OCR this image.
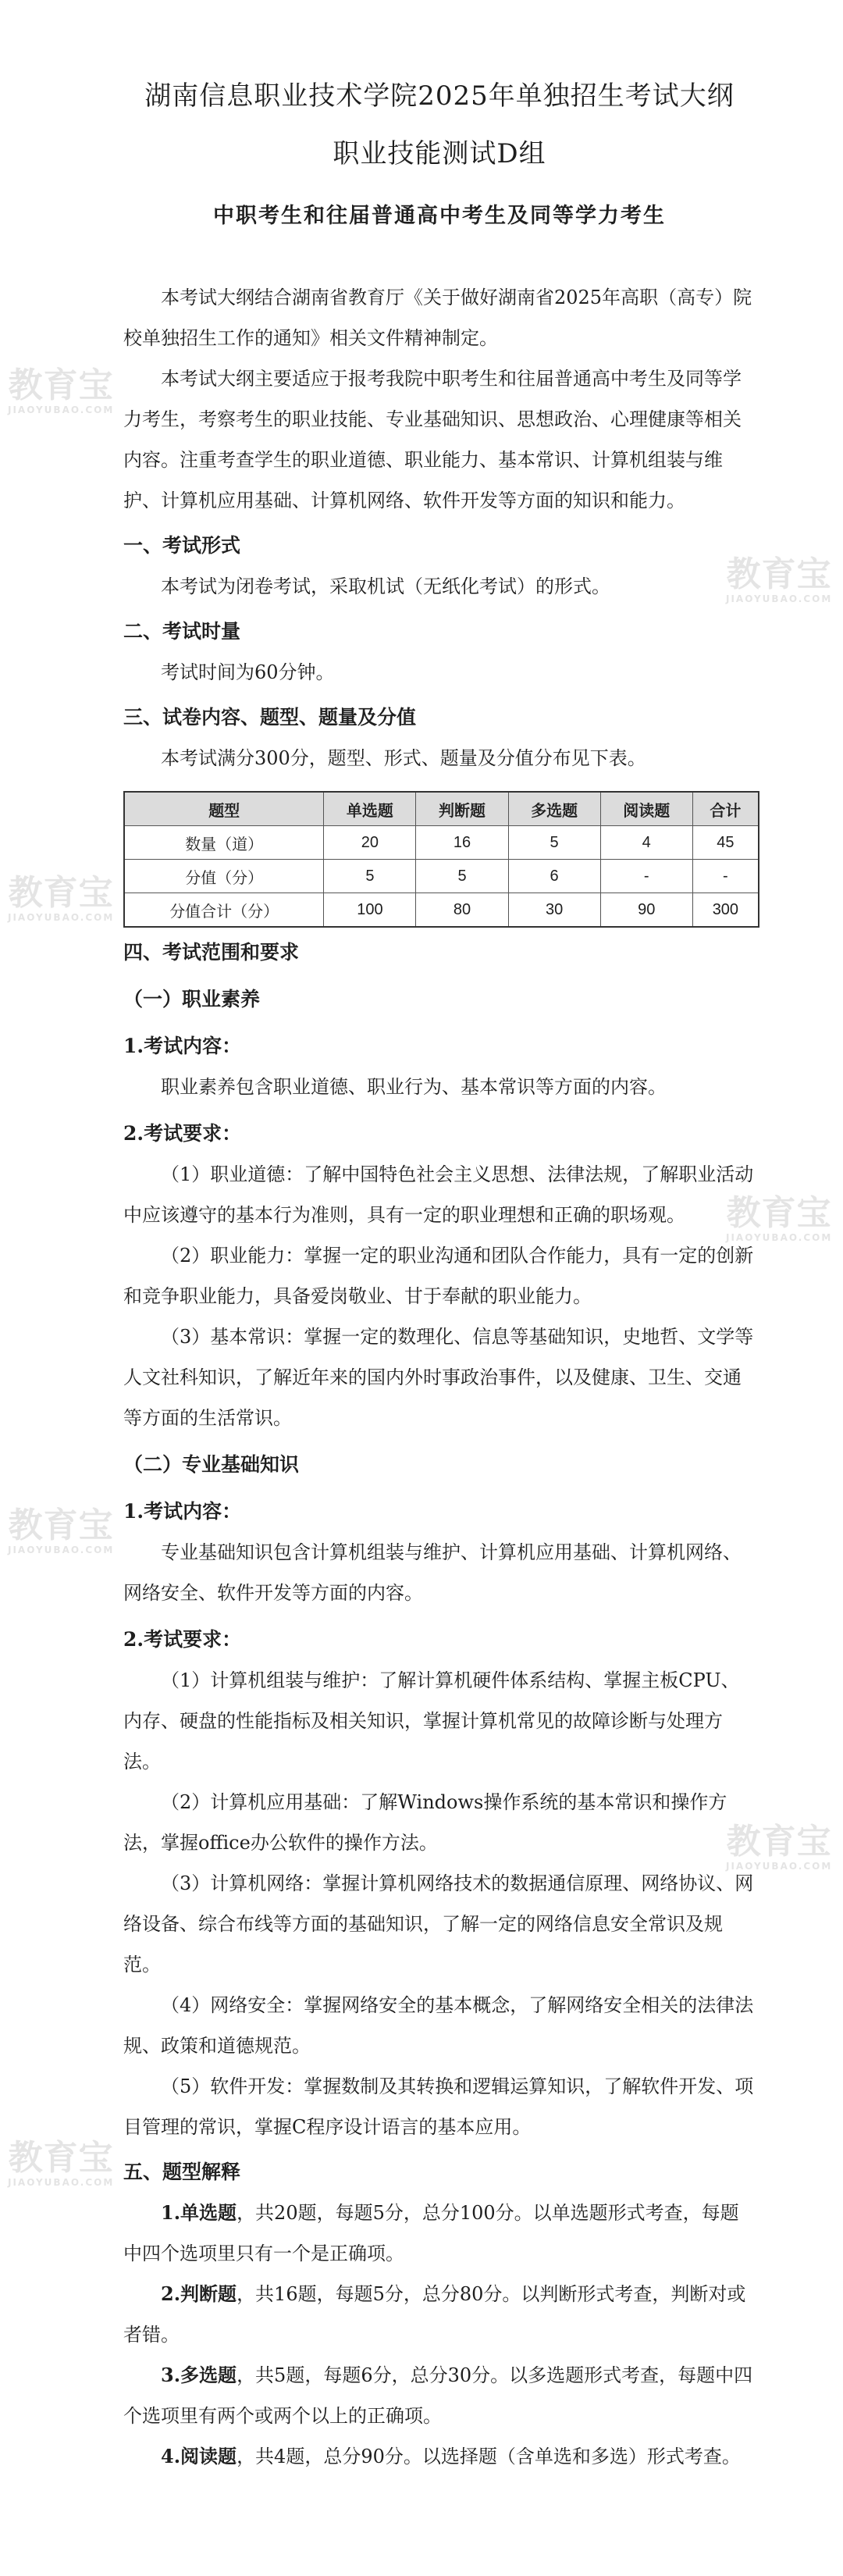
湖南信息职业技术学院2025年单独招生考试大纲
职业技能测试D组
中职考生和往届普通高中考生及同等学力考生

本考试大纲结合湖南省教育厅《关于做好湖南省2025年高职（高专）院校单独招生工作的通知》相关文件精神制定。

本考试大纲主要适应于报考我院中职考生和往届普通高中考生及同等学力考生，考察考生的职业技能、专业基础知识、思想政治、心理健康等相关内容。注重考查学生的职业道德、职业能力、基本常识、计算机组装与维护、计算机应用基础、计算机网络、软件开发等方面的知识和能力。

一、考试形式

本考试为闭卷考试，采取机试（无纸化考试）的形式。

二、考试时量

考试时间为60分钟。

三、试卷内容、题型、题量及分值

本考试满分300分，题型、形式、题量及分值分布见下表。

题型	单选题	判断题	多选题	阅读题	合计
数量（道）	20	16	5	4	45
分值（分）	5	5	6	-	-
分值合计（分）	100	80	30	90	300

四、考试范围和要求

（一）职业素养

1.考试内容：

职业素养包含职业道德、职业行为、基本常识等方面的内容。

2.考试要求：

（1）职业道德：了解中国特色社会主义思想、法律法规，了解职业活动中应该遵守的基本行为准则，具有一定的职业理想和正确的职场观。

（2）职业能力：掌握一定的职业沟通和团队合作能力，具有一定的创新和竞争职业能力，具备爱岗敬业、甘于奉献的职业能力。

（3）基本常识：掌握一定的数理化、信息等基础知识，史地哲、文学等人文社科知识，了解近年来的国内外时事政治事件，以及健康、卫生、交通等方面的生活常识。

（二）专业基础知识

1.考试内容：

专业基础知识包含计算机组装与维护、计算机应用基础、计算机网络、网络安全、软件开发等方面的内容。

2.考试要求：

（1）计算机组装与维护：了解计算机硬件体系结构、掌握主板CPU、内存、硬盘的性能指标及相关知识，掌握计算机常见的故障诊断与处理方法。

（2）计算机应用基础：了解Windows操作系统的基本常识和操作方法，掌握office办公软件的操作方法。

（3）计算机网络：掌握计算机网络技术的数据通信原理、网络协议、网络设备、综合布线等方面的基础知识，了解一定的网络信息安全常识及规范。

（4）网络安全：掌握网络安全的基本概念，了解网络安全相关的法律法规、政策和道德规范。

（5）软件开发：掌握数制及其转换和逻辑运算知识，了解软件开发、项目管理的常识，掌握C程序设计语言的基本应用。

五、题型解释

1.单选题，共20题，每题5分，总分100分。以单选题形式考查，每题中四个选项里只有一个是正确项。

2.判断题，共16题，每题5分，总分80分。以判断形式考查，判断对或者错。

3.多选题，共5题，每题6分，总分30分。以多选题形式考查，每题中四个选项里有两个或两个以上的正确项。

4.阅读题，共4题，总分90分。以选择题（含单选和多选）形式考查。

教育宝
JIAOYUBAO.COM
教育宝
JIAOYUBAO.COM
教育宝
JIAOYUBAO.COM
教育宝
JIAOYUBAO.COM
教育宝
JIAOYUBAO.COM
教育宝
JIAOYUBAO.COM
教育宝
JIAOYUBAO.COM
